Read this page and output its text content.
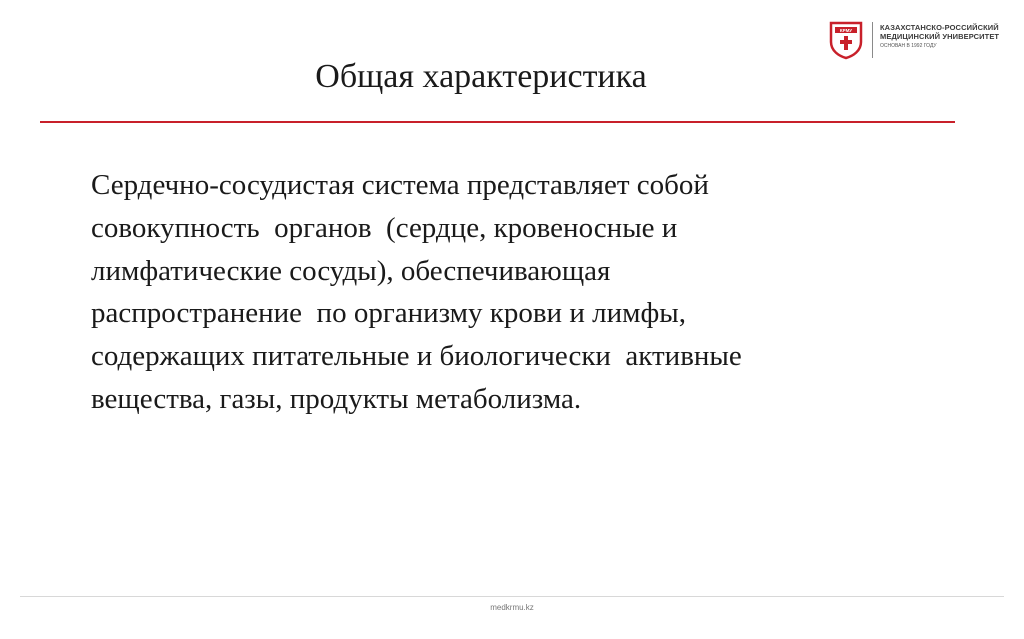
КРМУ	КАЗАХСТАНСКО-РОССИЙСКИЙ
МЕДИЦИНСКИЙ УНИВЕРСИТЕТ
ОСНОВАН В 1992 ГОДУ
Общая характеристика

Сердечно-сосудистая система представляет собой
совокупность  органов  (сердце, кровеносные и
лимфатические сосуды), обеспечивающая
распространение  по организму крови и лимфы,
содержащих питательные и биологически  активные
вещества, газы, продукты метаболизма.

medkrmu.kz
